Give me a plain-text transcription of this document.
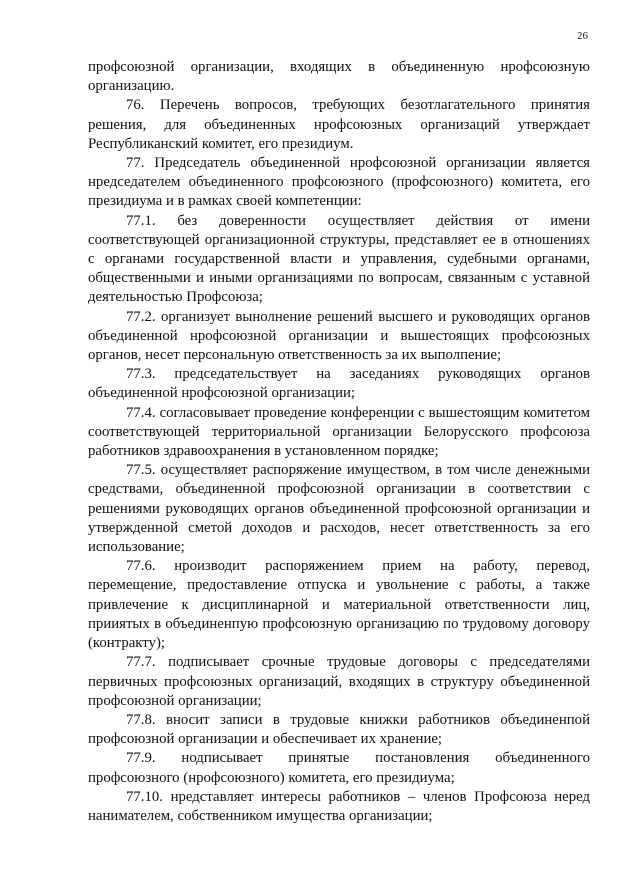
26

профсоюзной организации, входящих в объединенную нрофсоюзную организацию.

76. Перечень вопросов, требующих безотлагательного принятия решения, для объединенных нрофсоюзных организаций утверждает Республиканский комитет, его президиум.

77. Председатель объединенной нрофсоюзной организации является нредседателем объединенного профсоюзного (профсоюзного) комитета, его президиума и в рамках своей компетенции:

77.1. без доверенности осуществляет действия от имени соответствующей организационной структуры, представляет ее в отношениях с органами государственной власти и управления, судебными органами, общественными и иными организациями по вопросам, связанным с уставной деятельностью Профсоюза;

77.2. организует вынолнение решений высшего и руководящих органов объединенной нрофсоюзной организации и вышестоящих профсоюзных органов, несет персональную ответственность за их выполпение;

77.3. председательствует на заседаниях руководящих органов объединенной нрофсоюзной организации;

77.4. согласовывает проведение конференции с вышестоящим комитетом соответствующей территориальной организации Белорусского профсоюза работников здравоохранения в установленном порядке;

77.5. осуществляет распоряжение имуществом, в том числе денежными средствами, объединенной профсоюзной организации в соответствии с решениями руководящих органов объединенной профсоюзной организации и утвержденной сметой доходов и расходов, несет ответственность за его использование;

77.6. нроизводит распоряжением прием на работу, перевод, перемещение, предоставление отпуска и увольнение с работы, а также привлечение к дисциплинарной и материальной ответственности лиц, прииятых в объединенпую профсоюзную организацию по трудовому договору (контракту);

77.7. подписывает срочные трудовые договоры с председателями первичных профсоюзных организаций, входящих в структуру объединенной профсоюзной организации;

77.8. вносит записи в трудовые книжки работников объединенпой профсоюзной организации и обеспечивает их хранение;

77.9. нодписывает принятые постановления объединенного профсоюзного (нрофсоюзного) комитета, его президиума;

77.10. нредставляет интересы работников – членов Профсоюза неред нанимателем, собственником имущества организации;
